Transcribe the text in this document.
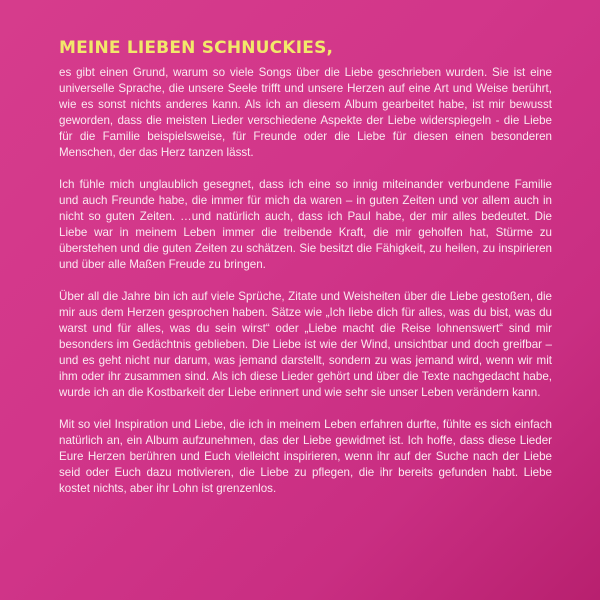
MEINE LIEBEN SCHNUCKIES,

es gibt einen Grund, warum so viele Songs über die Liebe geschrieben wurden. Sie ist eine universelle Sprache, die unsere Seele trifft und unsere Herzen auf eine Art und Weise berührt, wie es sonst nichts anderes kann. Als ich an diesem Album gearbeitet habe, ist mir bewusst geworden, dass die meisten Lieder verschiedene Aspekte der Liebe widerspiegeln - die Liebe für die Familie beispielsweise, für Freunde oder die Liebe für diesen einen besonderen Menschen, der das Herz tanzen lässt.

Ich fühle mich unglaublich gesegnet, dass ich eine so innig miteinander verbundene Familie und auch Freunde habe, die immer für mich da waren – in guten Zeiten und vor allem auch in nicht so guten Zeiten. …und natürlich auch, dass ich Paul habe, der mir alles bedeutet. Die Liebe war in meinem Leben immer die treibende Kraft, die mir geholfen hat, Stürme zu überstehen und die guten Zeiten zu schätzen. Sie besitzt die Fähigkeit, zu heilen, zu inspirieren und über alle Maßen Freude zu bringen.

Über all die Jahre bin ich auf viele Sprüche, Zitate und Weisheiten über die Liebe gestoßen, die mir aus dem Herzen gesprochen haben. Sätze wie „Ich liebe dich für alles, was du bist, was du warst und für alles, was du sein wirst“ oder „Liebe macht die Reise lohnenswert“ sind mir besonders im Gedächtnis geblieben. Die Liebe ist wie der Wind, unsichtbar und doch greifbar – und es geht nicht nur darum, was jemand darstellt, sondern zu was jemand wird, wenn wir mit ihm oder ihr zusammen sind. Als ich diese Lieder gehört und über die Texte nachgedacht habe, wurde ich an die Kostbarkeit der Liebe erinnert und wie sehr sie unser Leben verändern kann.

Mit so viel Inspiration und Liebe, die ich in meinem Leben erfahren durfte, fühlte es sich einfach natürlich an, ein Album aufzunehmen, das der Liebe gewidmet ist. Ich hoffe, dass diese Lieder Eure Herzen berühren und Euch vielleicht inspirieren, wenn ihr auf der Suche nach der Liebe seid oder Euch dazu motivieren, die Liebe zu pflegen, die ihr bereits gefunden habt. Liebe kostet nichts, aber ihr Lohn ist grenzenlos.
